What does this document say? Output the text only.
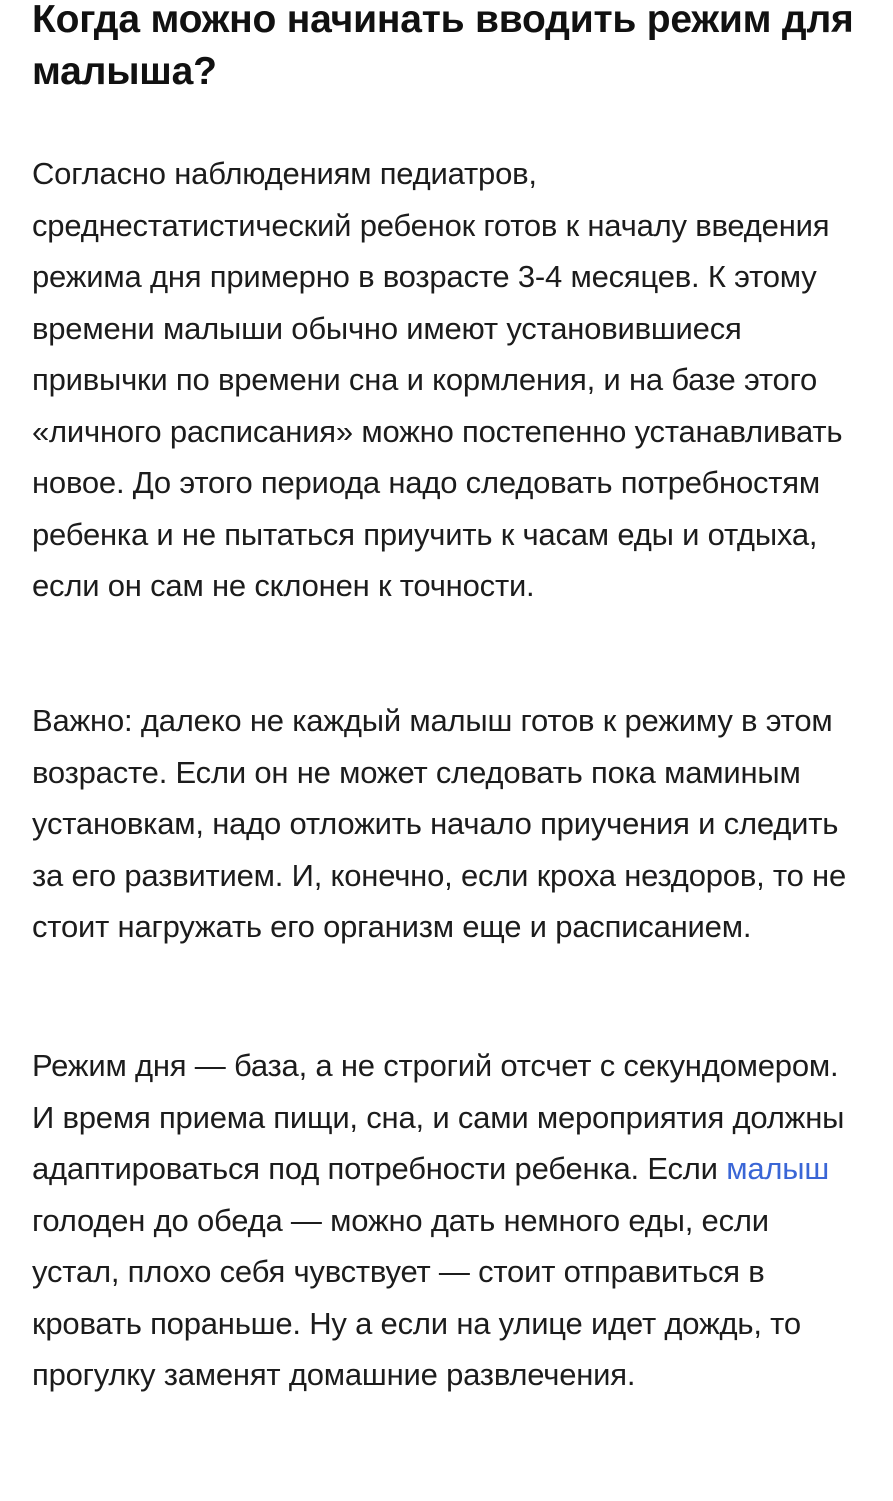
Когда можно начинать вводить режим для малыша?

Согласно наблюдениям педиатров, среднестатистический ребенок готов к началу введения режима дня примерно в возрасте 3-4 месяцев. К этому времени малыши обычно имеют установившиеся привычки по времени сна и кормления, и на базе этого «личного расписания» можно постепенно устанавливать новое. До этого периода надо следовать потребностям ребенка и не пытаться приучить к часам еды и отдыха, если он сам не склонен к точности.

Важно: далеко не каждый малыш готов к режиму в этом возрасте. Если он не может следовать пока маминым установкам, надо отложить начало приучения и следить за его развитием. И, конечно, если кроха нездоров, то не стоит нагружать его организм еще и расписанием.

Режим дня — база, а не строгий отсчет с секундомером. И время приема пищи, сна, и сами мероприятия должны адаптироваться под потребности ребенка. Если малыш голоден до обеда — можно дать немного еды, если устал, плохо себя чувствует — стоит отправиться в кровать пораньше. Ну а если на улице идет дождь, то прогулку заменят домашние развлечения.
